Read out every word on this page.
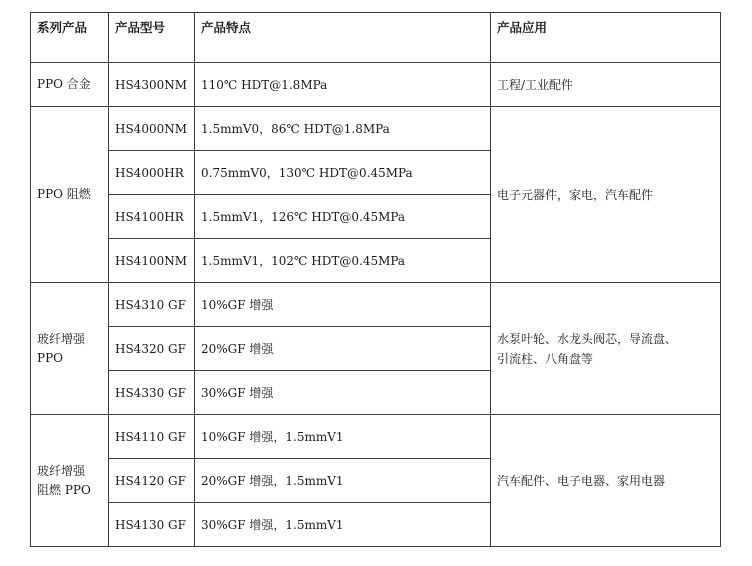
系列产品	产品型号	产品特点	产品应用

PPO 合金	HS4300NM	110℃ HDT@1.8MPa	工程/工业配件

PPO 阻燃	HS4000NM	1.5mmV0，86℃ HDT@1.8MPa	电子元器件，家电，汽车配件

	HS4000HR	0.75mmV0，130℃ HDT@0.45MPa	
	HS4100HR	1.5mmV1，126℃ HDT@0.45MPa	
	HS4100NM	1.5mmV1，102℃ HDT@0.45MPa	

玻纤增强
PPO	HS4310 GF	10%GF 增强	水泵叶轮、水龙头阀芯，导流盘、
引流柱、八角盘等

	HS4320 GF	20%GF 增强	
	HS4330 GF	30%GF 增强	

玻纤增强
阻燃 PPO	HS4110 GF	10%GF 增强，1.5mmV1	汽车配件、电子电器、家用电器

	HS4120 GF	20%GF 增强，1.5mmV1	
	HS4130 GF	30%GF 增强，1.5mmV1	
